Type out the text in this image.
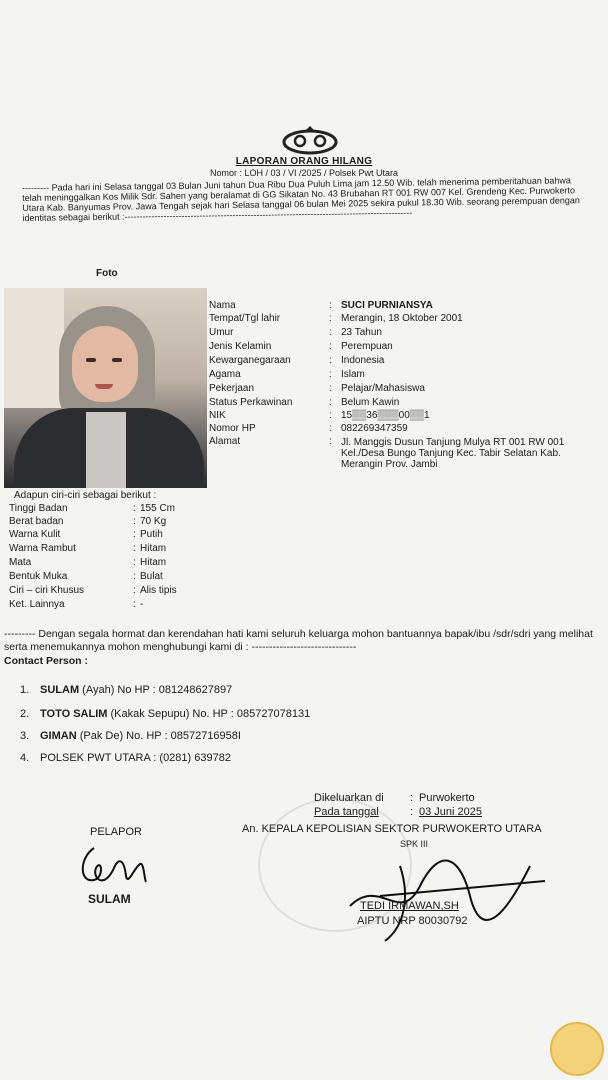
LAPORAN ORANG HILANG
Nomor : LOH / 03 / VI /2025 / Polsek Pwt Utara
--------- Pada hari ini Selasa tanggal 03 Bulan Juni tahun Dua Ribu Dua Puluh Lima jam 12.50 Wib. telah menerima pemberitahuan bahwa telah meninggalkan Kos Milik Sdr. Sahen yang beralamat di GG Sikatan No. 43 Brubahan RT 001 RW 007 Kel. Grendeng Kec. Purwokerto Utara Kab. Banyumas Prov. Jawa Tengah sejak hari Selasa tanggal 06 bulan Mei 2025 sekira pukul 18.30 Wib. seorang perempuan dengan identitas sebagai berikut :------------------------------------------------------------------------------------------------
Foto
Nama	: SUCI PURNIANSYA
Tempat/Tgl lahir	: Merangin, 18 Oktober 2001
Umur	: 23 Tahun
Jenis Kelamin	: Perempuan
Kewarganegaraan	: Indonesia
Agama	: Islam
Pekerjaan	: Pelajar/Mahasiswa
Status Perkawinan	: Belum Kawin
NIK	: 15▒▒36▒▒▒00▒▒1
Nomor HP	: 082269347359
Alamat	: Jl. Manggis Dusun Tanjung Mulya RT 001 RW 001 Kel./Desa Bungo Tanjung Kec. Tabir Selatan Kab. Merangin Prov. Jambi
Adapun ciri-ciri sebagai berikut :
Tinggi Badan	: 155 Cm
Berat badan	: 70 Kg
Warna Kulit	: Putih
Warna Rambut	: Hitam
Mata	: Hitam
Bentuk Muka	: Bulat
Ciri – ciri Khusus	: Alis tipis
Ket. Lainnya	: -
--------- Dengan segala hormat dan kerendahan hati kami seluruh keluarga mohon bantuannya bapak/ibu /sdr/sdri yang melihat serta menemukannya mohon menghubungi kami di : ------------------------------
Contact Person :
1. SULAM (Ayah) No HP : 081248627897
2. TOTO SALIM (Kakak Sepupu) No. HP : 085727078131
3. GIMAN (Pak De) No. HP : 08572716958I
4. POLSEK PWT UTARA : (0281) 639782
Dikeluarkan di : Purwokerto
Pada tanggal	: 03 Juni 2025
An. KEPALA KEPOLISIAN SEKTOR PURWOKERTO UTARA
SPK III
TEDI IRMAWAN,SH
AIPTU NRP 80030792
PELAPOR
SULAM
